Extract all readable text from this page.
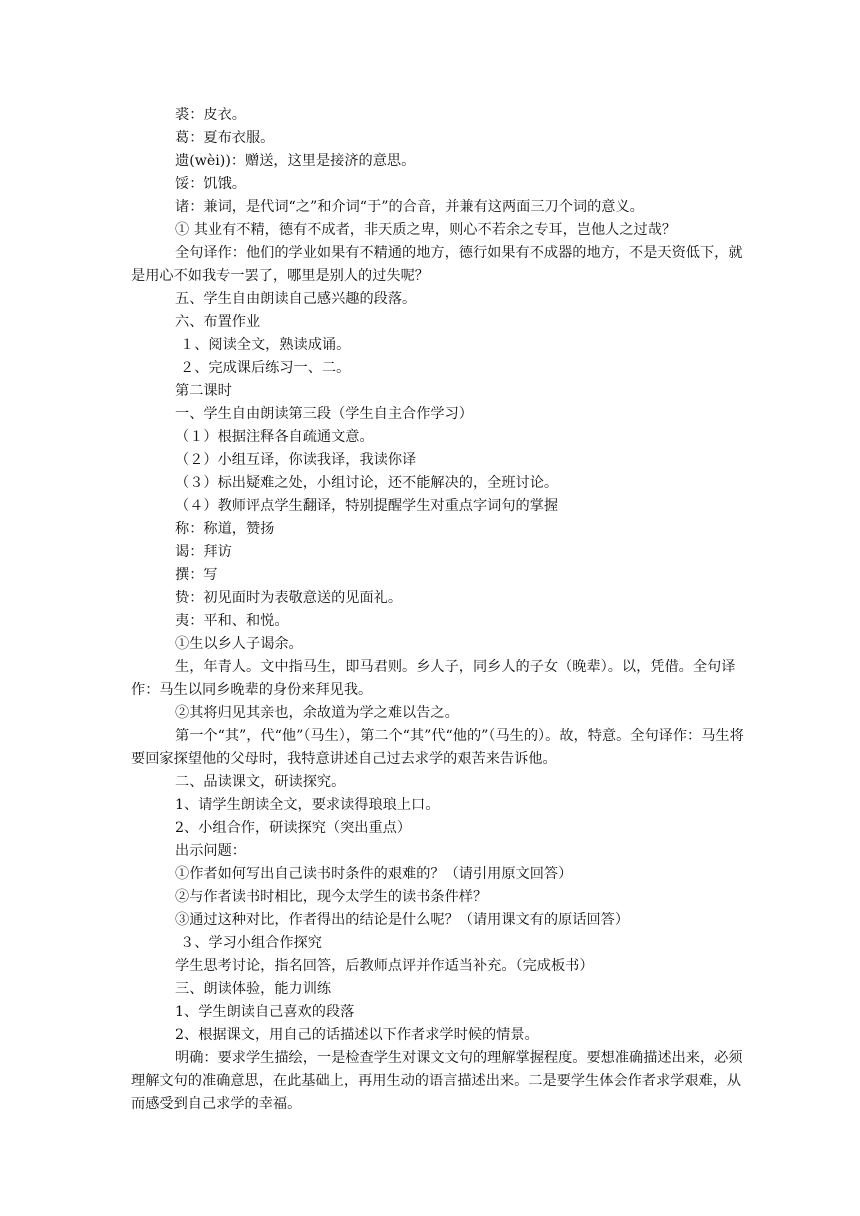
裘：皮衣。

葛：夏布衣服。

遗(wèi))：赠送，这里是接济的意思。

馁：饥饿。

诸：兼词，是代词“之”和介词“于”的合音，并兼有这两面三刀个词的意义。

① 其业有不精，德有不成者，非天质之卑，则心不若余之专耳，岂他人之过哉？

全句译作：他们的学业如果有不精通的地方，德行如果有不成器的地方，不是天资低下，就是用心不如我专一罢了，哪里是别人的过失呢？

五、学生自由朗读自己感兴趣的段落。

六、布置作业

１、阅读全文，熟读成诵。

２、完成课后练习一、二。

第二课时

一、学生自由朗读第三段（学生自主合作学习）

（１）根据注释各自疏通文意。

（２）小组互译，你读我译，我读你译

（３）标出疑难之处，小组讨论，还不能解决的，全班讨论。

（４）教师评点学生翻译，特别提醒学生对重点字词句的掌握

称：称道，赞扬

谒：拜访

撰：写

贽：初见面时为表敬意送的见面礼。

夷：平和、和悦。

①生以乡人子谒余。

生，年青人。文中指马生，即马君则。乡人子，同乡人的子女（晚辈）。以，凭借。全句译作：马生以同乡晚辈的身份来拜见我。

②其将归见其亲也，余故道为学之难以告之。

第一个“其”，代“他”（马生），第二个“其”代“他的”（马生的）。故，特意。全句译作：马生将要回家探望他的父母时，我特意讲述自己过去求学的艰苦来告诉他。

二、品读课文，研读探究。

1、请学生朗读全文，要求读得琅琅上口。

2、小组合作，研读探究（突出重点）

出示问题：

①作者如何写出自己读书时条件的艰难的？（请引用原文回答）

②与作者读书时相比，现今太学生的读书条件样？

③通过这种对比，作者得出的结论是什么呢？（请用课文有的原话回答）

３、学习小组合作探究

学生思考讨论，指名回答，后教师点评并作适当补充。（完成板书）

三、朗读体验，能力训练

1、学生朗读自己喜欢的段落

2、根据课文，用自己的话描述以下作者求学时候的情景。

明确：要求学生描绘，一是检查学生对课文文句的理解掌握程度。要想准确描述出来，必须理解文句的准确意思，在此基础上，再用生动的语言描述出来。二是要学生体会作者求学艰难，从而感受到自己求学的幸福。
